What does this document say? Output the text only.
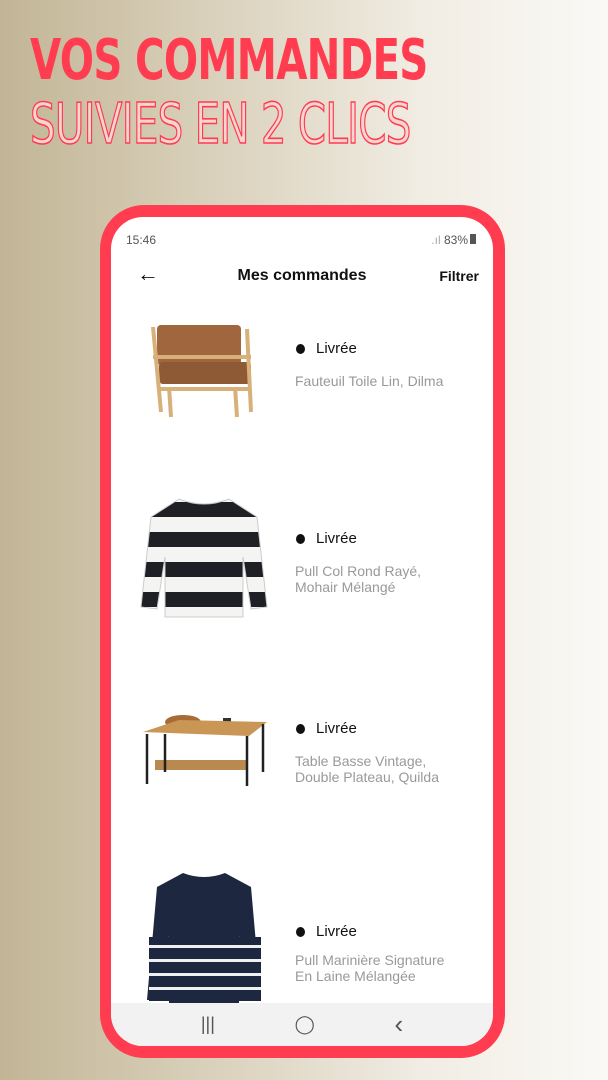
VOS COMMANDES
SUIVIES EN 2 CLICS
15:46	.ıl 83%
←	Mes commandes	Filtrer
Livrée
Fauteuil Toile Lin, Dilma
Livrée
Pull Col Rond Rayé, Mohair Mélangé
Livrée
Table Basse Vintage, Double Plateau, Quilda
Livrée
Pull Marinière Signature En Laine Mélangée
|||	◯	‹
